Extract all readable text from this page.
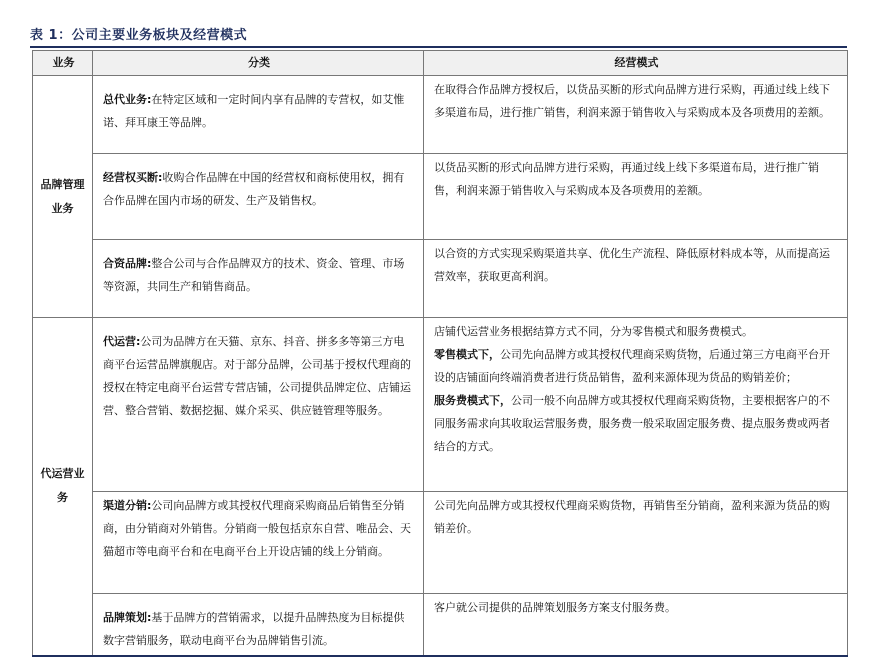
表 1：公司主要业务板块及经营模式
业务	分类	经营模式
品牌管理业务	总代业务:在特定区域和一定时间内享有品牌的专营权，如艾惟诺、拜耳康王等品牌。	在取得合作品牌方授权后，以货品买断的形式向品牌方进行采购，再通过线上线下多渠道布局，进行推广销售，利润来源于销售收入与采购成本及各项费用的差额。
	经营权买断:收购合作品牌在中国的经营权和商标使用权，拥有合作品牌在国内市场的研发、生产及销售权。	以货品买断的形式向品牌方进行采购，再通过线上线下多渠道布局，进行推广销售，利润来源于销售收入与采购成本及各项费用的差额。
	合资品牌:整合公司与合作品牌双方的技术、资金、管理、市场等资源，共同生产和销售商品。	以合资的方式实现采购渠道共享、优化生产流程、降低原材料成本等，从而提高运营效率，获取更高利润。
代运营业务	代运营:公司为品牌方在天猫、京东、抖音、拼多多等第三方电商平台运营品牌旗舰店。对于部分品牌，公司基于授权代理商的授权在特定电商平台运营专营店铺，公司提供品牌定位、店铺运营、整合营销、数据挖掘、媒介采买、供应链管理等服务。	店铺代运营业务根据结算方式不同，分为零售模式和服务费模式。
零售模式下，公司先向品牌方或其授权代理商采购货物，后通过第三方电商平台开设的店铺面向终端消费者进行货品销售，盈利来源体现为货品的购销差价；
服务费模式下，公司一般不向品牌方或其授权代理商采购货物，主要根据客户的不同服务需求向其收取运营服务费，服务费一般采取固定服务费、提点服务费或两者结合的方式。

	渠道分销:公司向品牌方或其授权代理商采购商品后销售至分销商，由分销商对外销售。分销商一般包括京东自营、唯品会、天猫超市等电商平台和在电商平台上开设店铺的线上分销商。	公司先向品牌方或其授权代理商采购货物，再销售至分销商，盈利来源为货品的购销差价。
	品牌策划:基于品牌方的营销需求，以提升品牌热度为目标提供数字营销服务，联动电商平台为品牌销售引流。	客户就公司提供的品牌策划服务方案支付服务费。
